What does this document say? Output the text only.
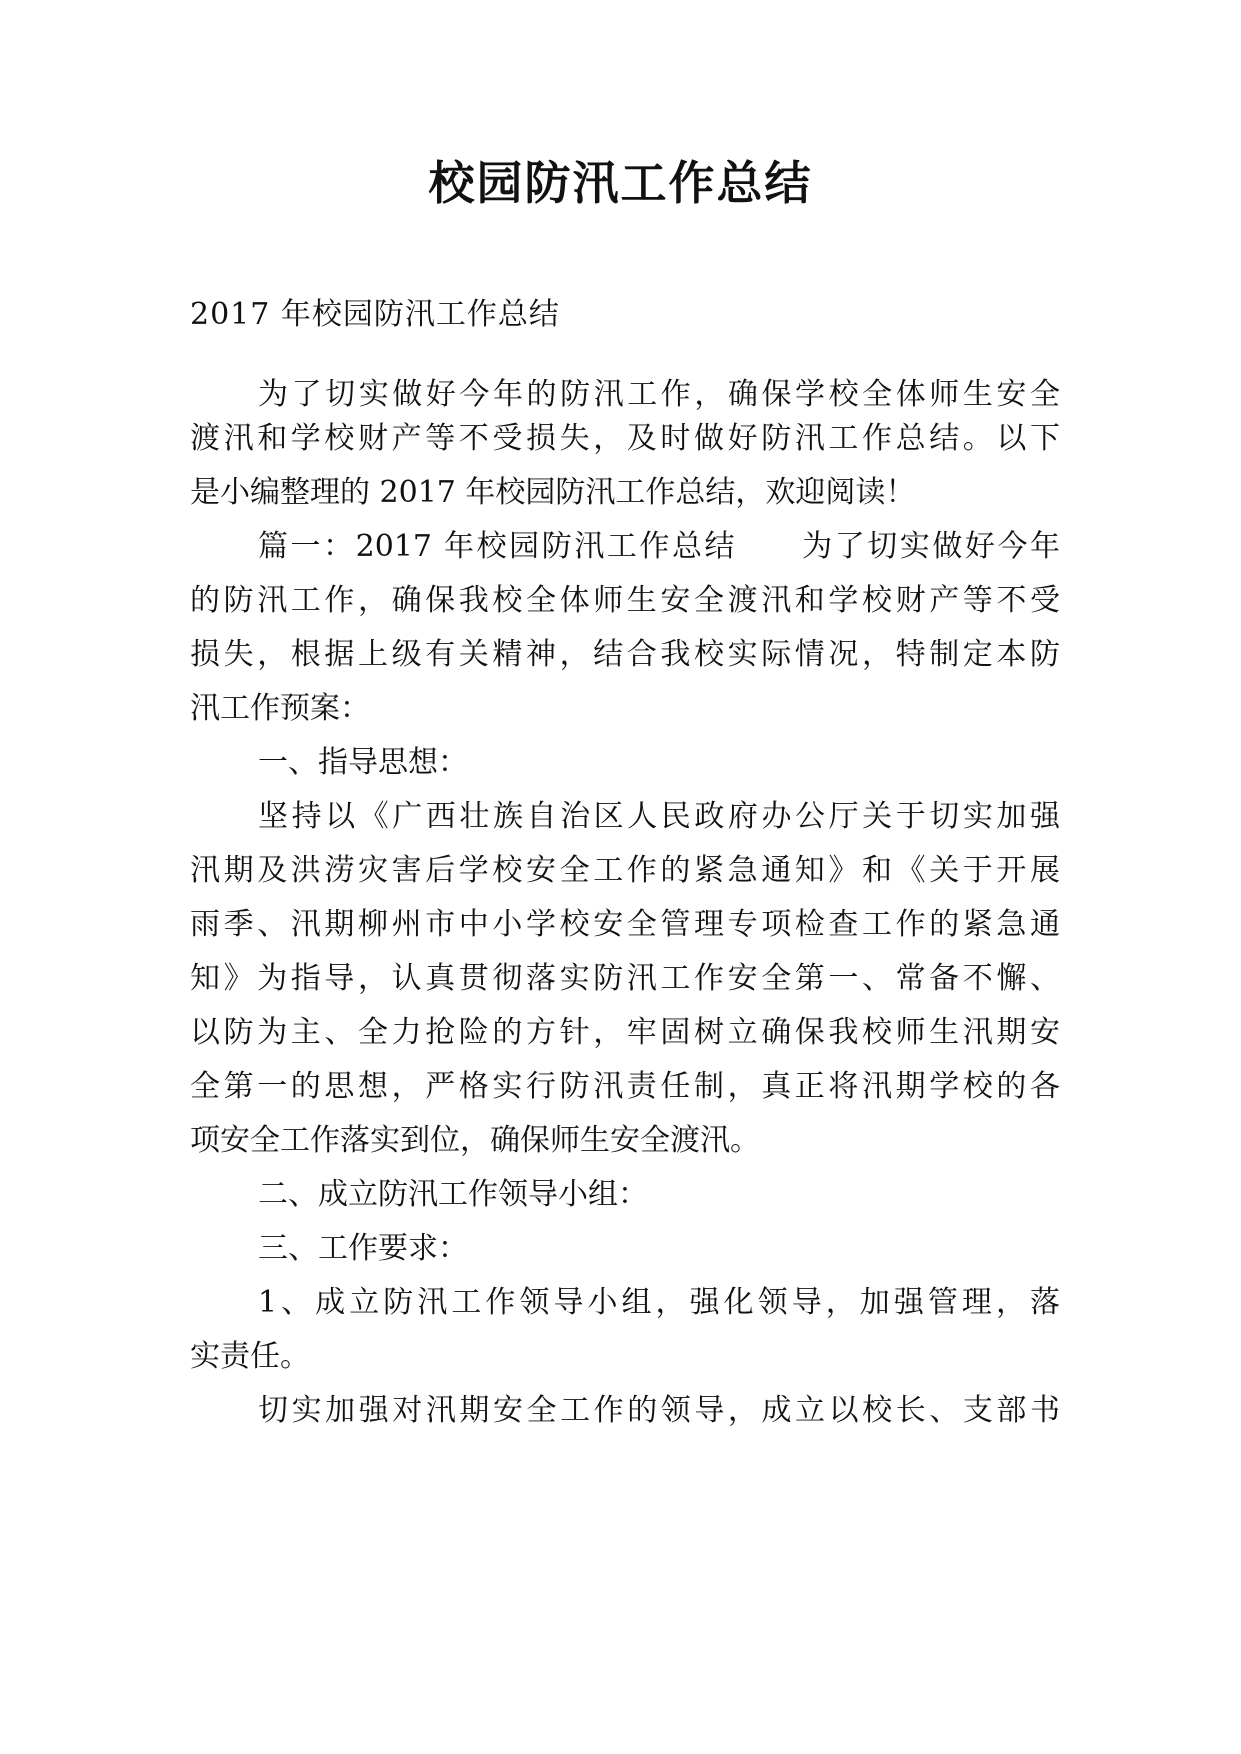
校园防汛工作总结

2017 年校园防汛工作总结

为了切实做好今年的防汛工作，确保学校全体师生安全

渡汛和学校财产等不受损失，及时做好防汛工作总结。以下

是小编整理的 2017 年校园防汛工作总结，欢迎阅读！

篇一：2017 年校园防汛工作总结　　为了切实做好今年

的防汛工作，确保我校全体师生安全渡汛和学校财产等不受

损失，根据上级有关精神，结合我校实际情况，特制定本防

汛工作预案：

一、指导思想：

坚持以《广西壮族自治区人民政府办公厅关于切实加强

汛期及洪涝灾害后学校安全工作的紧急通知》和《关于开展

雨季、汛期柳州市中小学校安全管理专项检查工作的紧急通

知》为指导，认真贯彻落实防汛工作安全第一、常备不懈、

以防为主、全力抢险的方针，牢固树立确保我校师生汛期安

全第一的思想，严格实行防汛责任制，真正将汛期学校的各

项安全工作落实到位，确保师生安全渡汛。

二、成立防汛工作领导小组：

三、工作要求：

1、成立防汛工作领导小组，强化领导，加强管理，落

实责任。

切实加强对汛期安全工作的领导，成立以校长、支部书
